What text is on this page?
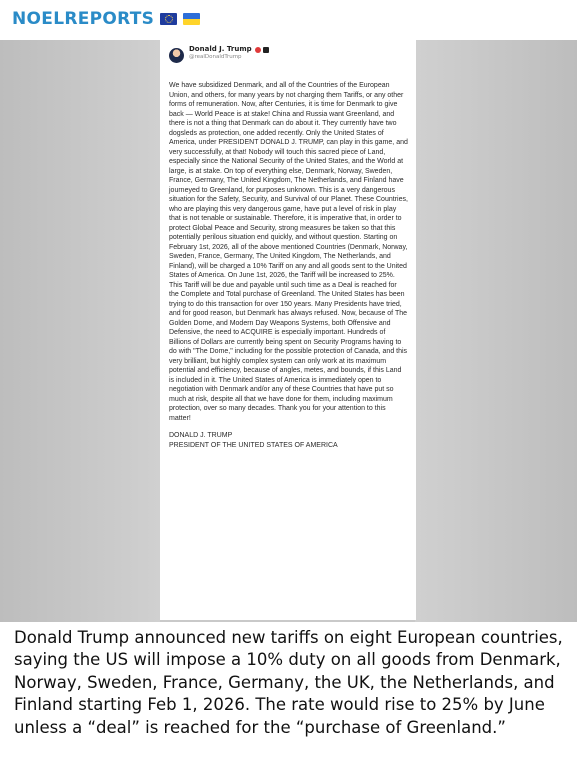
NOELREPORTS
Donald J. Trump
@realDonaldTrump

We have subsidized Denmark, and all of the Countries of the European Union, and others, for many years by not charging them Tariffs, or any other forms of remuneration. Now, after Centuries, it is time for Denmark to give back — World Peace is at stake! China and Russia want Greenland, and there is not a thing that Denmark can do about it. They currently have two dogsleds as protection, one added recently. Only the United States of America, under PRESIDENT DONALD J. TRUMP, can play in this game, and very successfully, at that! Nobody will touch this sacred piece of Land, especially since the National Security of the United States, and the World at large, is at stake. On top of everything else, Denmark, Norway, Sweden, France, Germany, The United Kingdom, The Netherlands, and Finland have journeyed to Greenland, for purposes unknown. This is a very dangerous situation for the Safety, Security, and Survival of our Planet. These Countries, who are playing this very dangerous game, have put a level of risk in play that is not tenable or sustainable. Therefore, it is imperative that, in order to protect Global Peace and Security, strong measures be taken so that this potentially perilous situation end quickly, and without question. Starting on February 1st, 2026, all of the above mentioned Countries (Denmark, Norway, Sweden, France, Germany, The United Kingdom, The Netherlands, and Finland), will be charged a 10% Tariff on any and all goods sent to the United States of America. On June 1st, 2026, the Tariff will be increased to 25%. This Tariff will be due and payable until such time as a Deal is reached for the Complete and Total purchase of Greenland. The United States has been trying to do this transaction for over 150 years. Many Presidents have tried, and for good reason, but Denmark has always refused. Now, because of The Golden Dome, and Modern Day Weapons Systems, both Offensive and Defensive, the need to ACQUIRE is especially important. Hundreds of Billions of Dollars are currently being spent on Security Programs having to do with "The Dome," including for the possible protection of Canada, and this very brilliant, but highly complex system can only work at its maximum potential and efficiency, because of angles, metes, and bounds, if this Land is included in it. The United States of America is immediately open to negotiation with Denmark and/or any of these Countries that have put so much at risk, despite all that we have done for them, including maximum protection, over so many decades. Thank you for your attention to this matter!

DONALD J. TRUMP
PRESIDENT OF THE UNITED STATES OF AMERICA

Donald Trump announced new tariffs on eight European countries, saying the US will impose a 10% duty on all goods from Denmark, Norway, Sweden, France, Germany, the UK, the Netherlands, and Finland starting Feb 1, 2026. The rate would rise to 25% by June unless a “deal” is reached for the “purchase of Greenland.”
